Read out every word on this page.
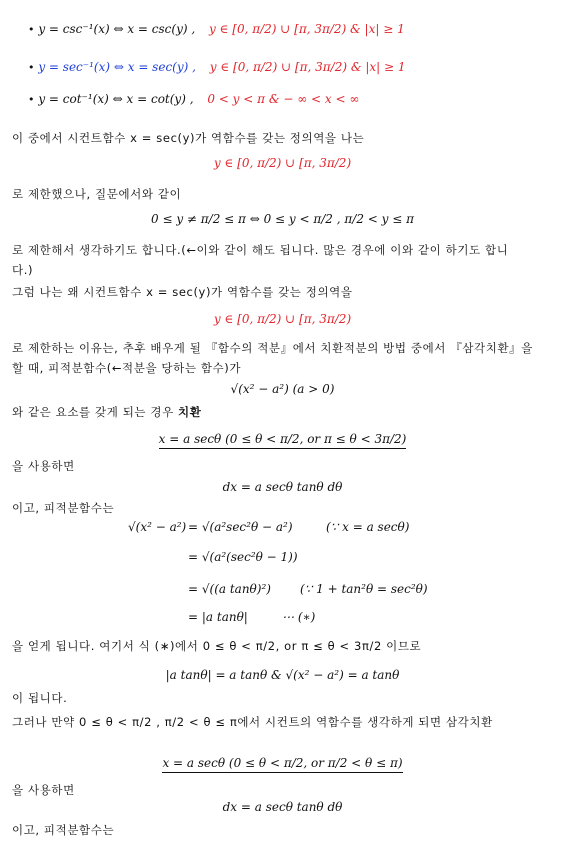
• y = csc⁻¹(x) ⇔ x = csc(y) , y ∈ [0, π/2) ∪ [π, 3π/2) & |x| ≥ 1
• y = sec⁻¹(x) ⇔ x = sec(y) , y ∈ [0, π/2) ∪ [π, 3π/2) & |x| ≥ 1
• y = cot⁻¹(x) ⇔ x = cot(y) , 0 < y < π & − ∞ < x < ∞
이 중에서 시컨트함수 x = sec(y)가 역함수를 갖는 정의역을 나는
y ∈ [0, π/2) ∪ [π, 3π/2)
로 제한했으나, 질문에서와 같이
0 ≤ y ≠ π/2 ≤ π ⇔ 0 ≤ y < π/2 , π/2 < y ≤ π
로 제한해서 생각하기도 합니다.(←이와 같이 해도 됩니다. 많은 경우에 이와 같이 하기도 합니
다.)
그럼 나는 왜 시컨트함수 x = sec(y)가 역함수를 갖는 정의역을
y ∈ [0, π/2) ∪ [π, 3π/2)
로 제한하는 이유는, 추후 배우게 될 『함수의 적분』에서 치환적분의 방법 중에서 『삼각치환』을
할 때, 피적분함수(←적분을 당하는 함수)가
√(x² − a²) (a > 0)
와 같은 요소를 갖게 되는 경우 치환
x = a secθ (0 ≤ θ < π/2, or π ≤ θ < 3π/2)
을 사용하면
dx = a secθ tanθ dθ
이고, 피적분함수는
√(x² − a²) = √(a²sec²θ − a²)	(∵ x = a secθ)
= √(a²(sec²θ − 1))
= √((a tanθ)²) (∵ 1 + tan²θ = sec²θ)
= |a tanθ|	⋯ (∗)
을 얻게 됩니다. 여기서 식 (∗)에서 0 ≤ θ < π/2, or π ≤ θ < 3π/2 이므로
|a tanθ| = a tanθ & √(x² − a²) = a tanθ
이 됩니다.
그러나 만약 0 ≤ θ < π/2 , π/2 < θ ≤ π에서 시컨트의 역함수를 생각하게 되면 삼각치환
x = a secθ (0 ≤ θ < π/2, or π/2 < θ ≤ π)
을 사용하면
dx = a secθ tanθ dθ
이고, 피적분함수는
